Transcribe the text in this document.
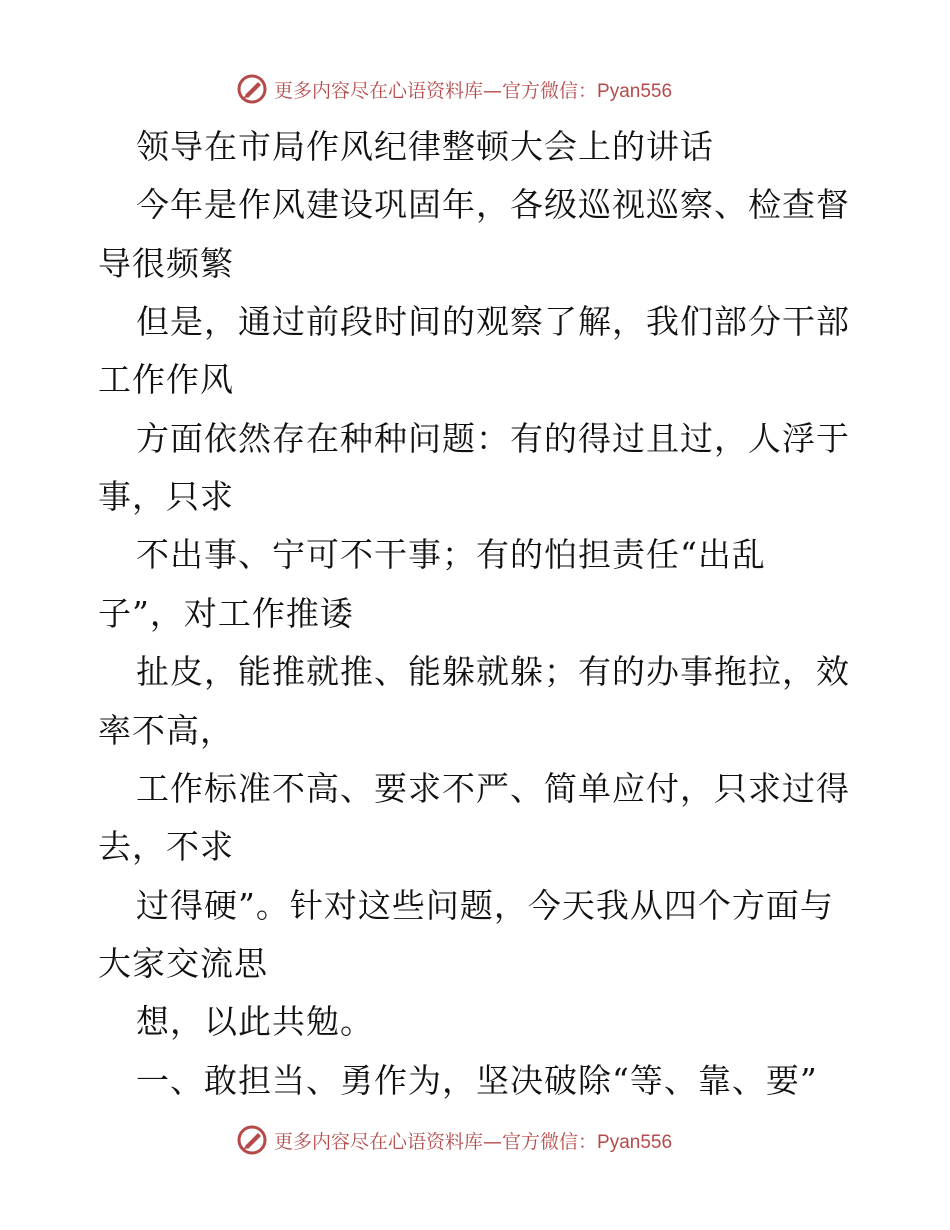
更多内容尽在心语资料库—官方微信：Pyan556
领导在市局作风纪律整顿大会上的讲话
今年是作风建设巩固年，各级巡视巡察、检查督
导很频繁
但是，通过前段时间的观察了解，我们部分干部
工作作风
方面依然存在种种问题：有的得过且过，人浮于
事，只求
不出事、宁可不干事；有的怕担责任“出乱
子”，对工作推诿
扯皮，能推就推、能躲就躲；有的办事拖拉，效
率不高，
工作标准不高、要求不严、简单应付，只求过得
去，不求
过得硬”。针对这些问题，今天我从四个方面与
大家交流思
想，以此共勉。
一、敢担当、勇作为，坚决破除“等、靠、要”
更多内容尽在心语资料库—官方微信：Pyan556
